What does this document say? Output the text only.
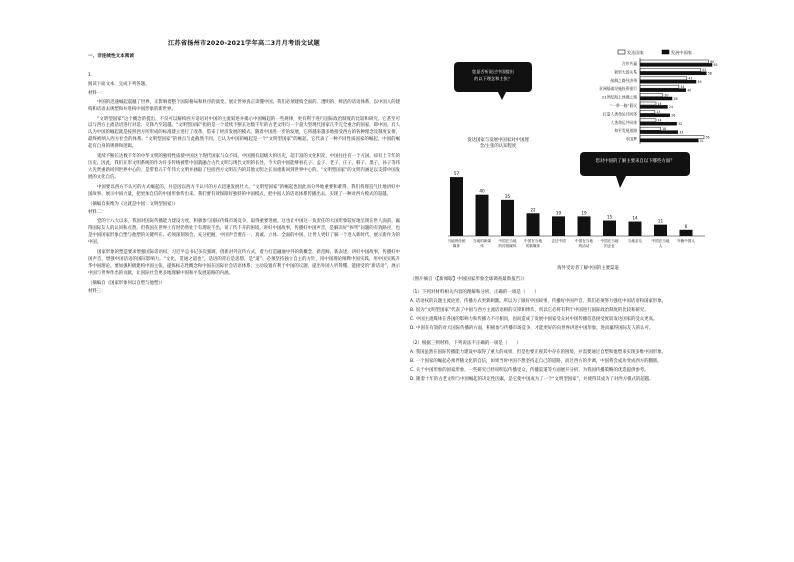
江苏省扬州市2020-2021学年高二3月月考语文试题
一、非连续性文本阅读
1.
阅读下面文本，完成下列各题。
材料一：
中国的迅速崛起震撼了世界，正影响着整个国际格局和秩序的演变。展让世界真正读懂中国，我们必须建构全面的、透明的、鲜活的话语体系，以中国人的建构和话语去规塑和并进构中国形象的新世界。
“文明型国家”这个概念的提出，不仅可以解构西方话语对中国的主流叙述并揭示中国崛起的一些规律，更有利于进行国际政治制度的比较和研究。它甚至可以与西方主流话语进行对话、交锋乃至超越。“文明型国家”指的是一个延续不断长达数千年的古老文明与一个超大型现代国家几乎完全重合的国家，即中国。有人认为中国的崛起就是按照西方所形成的标准建立进行了改革，借来了经济发展的模式，随着中国进一步的发展，它将越来越多地接受西方的各种理念及制度安排，最终被纳入西方社会的体系。“文明型国家”的视点与此截然不同，它认为中国的崛起是一个“文明型国家”的崛起，它代表了一种不同性质国家的崛起，中国的崛起有自身的规律和逻辑。
延续不断长达数千年的中华文明的独特性质使中国这个现代国家与众不同。中国拥有超级大的历史，超丰富的文化积淀，中国往往有一个万国，却有上千年的历史。因此，我们在形文明系统的作为许多传统被带中国就融合古代文明与现代文明的长处。今天的中国能够看孔子、孟子、老子、庄子、韩子、墨子、孙子等伟大先贤重新回到世界中心的，是带着五千年伟大文明并涵取了包括西方文明在内的其他文明之长而重新回到世界中心的。“文明型国家”的文明内涵足以支撑中国发展的文化自信。
中国要以西方不认可的方式崛起的，并是因以西方不认可的方式迅速发展壮大。“文明型国家”的崛起也因此而分外地重要和难得，我们将理直气壮地讲好中国故事、展示中国力量，把更加自信的中国形象传出来。我们要有效保障好独特的中国模式，把中国人的话语体系传播出去，实现了一种对西方模式的超越。
（摘编自张维为《这就是中国：文明型国家》）
材料二：
党的十八大以来，我国对国际传播能力建设力度，积极参与国际传媒市场竞争，取得重要进展。这也让中国这一负责任的大国形象较好地呈现在世人面前，赢得国际友人的认同和点赞。但我国在世界上有时仍然处于有理说不出、说了传不开的困境。讲好中国故事，传播好中国声音，是解决好“挨骂”问题的有效路径，也是中国国家形象自塑与他塑的关键所在。必须深刻领会、充分把握，中国声音要在一、真诚、立体、全面的中国，让世人更好了解一个进入新时代、展示新作为的中国。
国家形象的塑造要求增强国际话语权，习近平总书记多次强调，创新对外宣传方式，着力打造融通中外的新概念、新范畴、新表述，讲好中国故事，传播好中国声音，增强中国话语的国际影响力。“文化，贯通之道也”，话语的背后是思想，是“道”。必须坚持独立自主的方针，用中国理论阐释中国实践，用中国实践升华中国理论。要加强积极建构中国主张，提炼标志性概念和中国在国际社会话语体系；主动设置有利于中国的议题，提出外国人听得懂、能接受的“新话语”，展示中国与世界作出的贡献，让国际社会更多地理解中国和平发展道路的内涵。
（摘编自《国家形象何以自塑与他塑》）
材料三：
您是否听说过中国提出的以下理念和主张？
发达国家与发展中国家对中国理念/主张的认知程度
发达国家	发展中国家
合作共赢	60
63
新型大国关系	53
58
丝绸之路经济带	41
49
亚洲基础设施投资银行	34
40
21世纪海上丝绸之路	20
28
“一带一路”倡议	14
24
打造人类命运共同体	13
26
人类命运共同体	14
32
和平发展道路	18
33
中国梦	56
51
您对中国的了解主要来自以下哪些方面？
57
当地的传统媒体
40
当地的新媒体
35
中国在当地的传统媒体
22
中国在当地的新媒体
19
去过中国
19
中国在当地的活动
15
中国在当地的企业
14
当地亲友
11
中国在当地人
6
外籍中国人
海外受访者了解中国的主要渠道
（图片摘自《【新闻眼】中国国家形象全球调查最新报告》）
（1）下列对材料相关内容的理解和分析，正确的一项是（　　）
A. 话语权的议题主流论述，传播方式更新刺激。所以为了做好中国故事，传播好中国声音，我们必须努力强化中国话语和国家形象。
B. 因为“文明型国家”代表了中国与西方主流话语相的交锋和博弈，所以它必将有利于中国进行国际政治制度的比较和研究。
C. 中国主流媒体在各国的影响力和传播力不尽相同，因而造成了发展中国家受众对中国传播信息接受度较发达国家的受众更高。
D. 中国在有效的对大国际传播的方面，积极参与传播市场竞争，才能更好的向世界讲述中国形象，进而赢得国际友人的认可。
（2）根据三则材料，下列说法不正确的一项是（　　）
A. 我国虽然在国际传播能力建设中取得了重大的成果，但是也要正视其中存在的困境，并需要通过自塑和他塑来实现多维中国形象。
B. 一个国家的崛起必须伴随文化的自信，如果当时中国不想坚持走自己的道路，而过西方的步调，中国将会成功变成西方的翻版。
C. 关于中国形象的国家形象，一些研究已经说明以传播受众，传播渠道等方面展开分析，为我国传播策略的优选提供参考。
D. 随着十年的古老文明与中国崛起的决定性因素，是它使中国成为了一个“文明型国家”，并使得其成为了对西方模式的超越。
